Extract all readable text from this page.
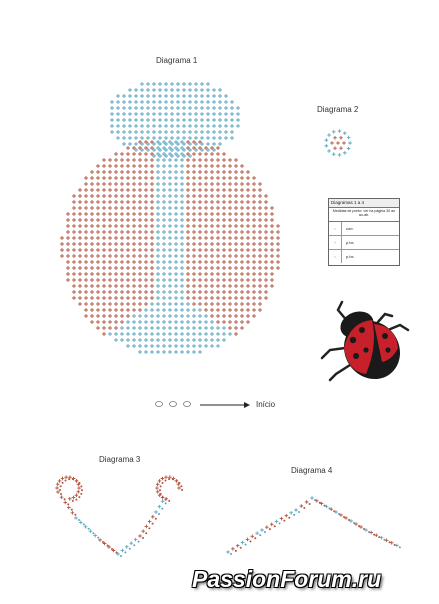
Diagrama 1
Diagrama 2
Diagrama 3
Diagrama 4
Início
Diagramas 1 a 4
Medidas de ponto: ver na página 30 ao ao-ab.
○	corr.
+	p.bx.
•	p.bx.
PassionForum.ru
